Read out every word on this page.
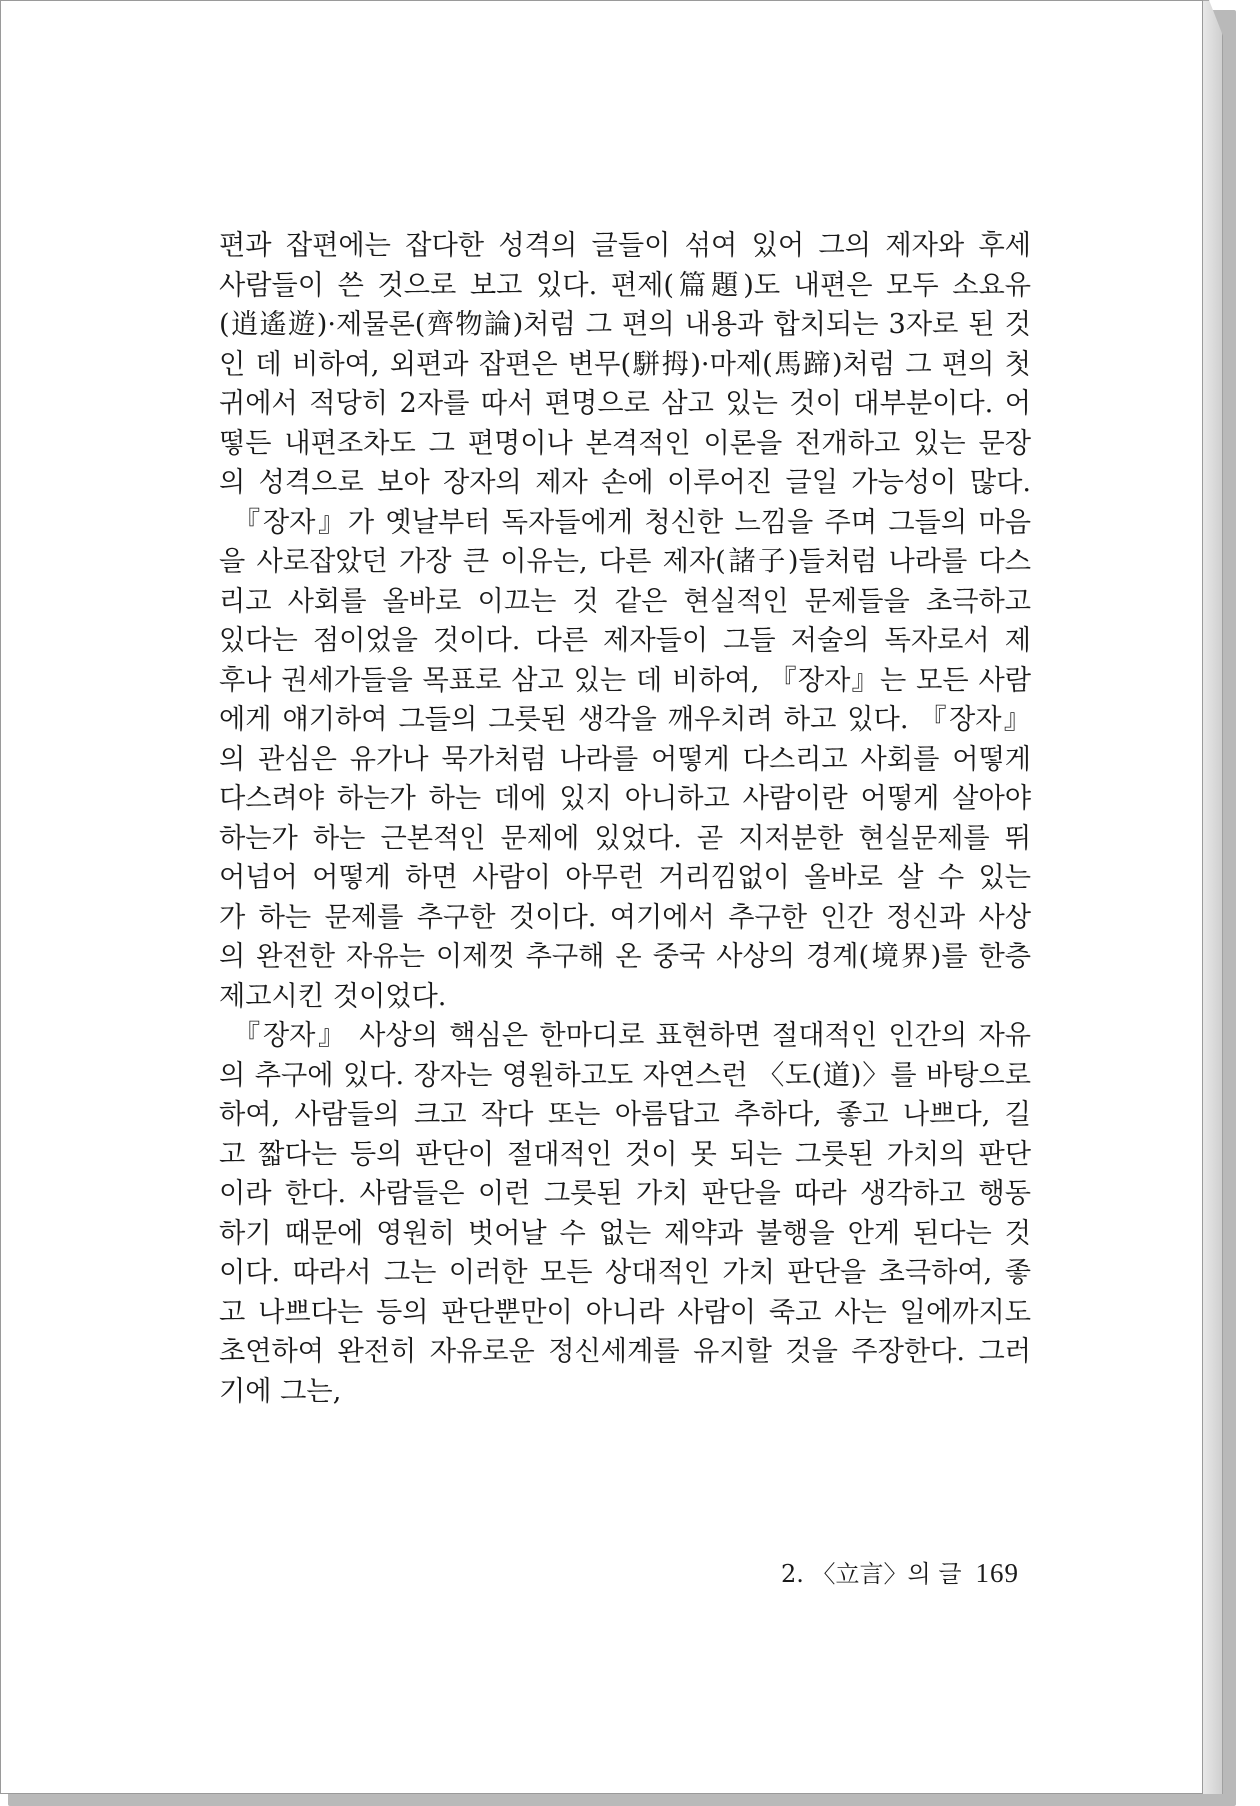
편과 잡편에는 잡다한 성격의 글들이 섞여 있어 그의 제자와 후세
사람들이 쓴 것으로 보고 있다. 편제(篇題)도 내편은 모두 소요유
(逍遙遊)·제물론(齊物論)처럼 그 편의 내용과 합치되는 3자로 된 것
인 데 비하여, 외편과 잡편은 변무(駢拇)·마제(馬蹄)처럼 그 편의 첫
귀에서 적당히 2자를 따서 편명으로 삼고 있는 것이 대부분이다. 어
떻든 내편조차도 그 편명이나 본격적인 이론을 전개하고 있는 문장
의 성격으로 보아 장자의 제자 손에 이루어진 글일 가능성이 많다.
『장자』가 옛날부터 독자들에게 청신한 느낌을 주며 그들의 마음
을 사로잡았던 가장 큰 이유는, 다른 제자(諸子)들처럼 나라를 다스
리고 사회를 올바로 이끄는 것 같은 현실적인 문제들을 초극하고
있다는 점이었을 것이다. 다른 제자들이 그들 저술의 독자로서 제
후나 권세가들을 목표로 삼고 있는 데 비하여, 『장자』는 모든 사람
에게 얘기하여 그들의 그릇된 생각을 깨우치려 하고 있다. 『장자』
의 관심은 유가나 묵가처럼 나라를 어떻게 다스리고 사회를 어떻게
다스려야 하는가 하는 데에 있지 아니하고 사람이란 어떻게 살아야
하는가 하는 근본적인 문제에 있었다. 곧 지저분한 현실문제를 뛰
어넘어 어떻게 하면 사람이 아무런 거리낌없이 올바로 살 수 있는
가 하는 문제를 추구한 것이다. 여기에서 추구한 인간 정신과 사상
의 완전한 자유는 이제껏 추구해 온 중국 사상의 경계(境界)를 한층
제고시킨 것이었다.
『장자』 사상의 핵심은 한마디로 표현하면 절대적인 인간의 자유
의 추구에 있다. 장자는 영원하고도 자연스런 〈도(道)〉를 바탕으로
하여, 사람들의 크고 작다 또는 아름답고 추하다, 좋고 나쁘다, 길
고 짧다는 등의 판단이 절대적인 것이 못 되는 그릇된 가치의 판단
이라 한다. 사람들은 이런 그릇된 가치 판단을 따라 생각하고 행동
하기 때문에 영원히 벗어날 수 없는 제약과 불행을 안게 된다는 것
이다. 따라서 그는 이러한 모든 상대적인 가치 판단을 초극하여, 좋
고 나쁘다는 등의 판단뿐만이 아니라 사람이 죽고 사는 일에까지도
초연하여 완전히 자유로운 정신세계를 유지할 것을 주장한다. 그러
기에 그는,
2. 〈立言〉의 글 169
